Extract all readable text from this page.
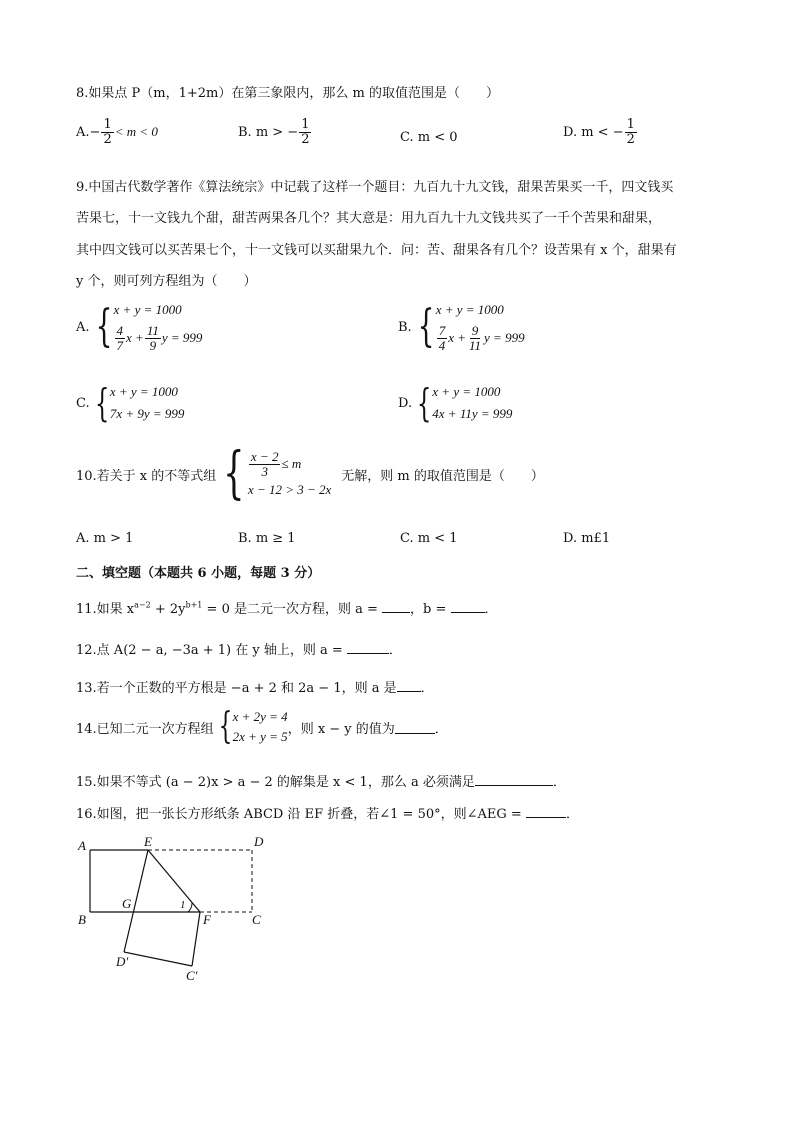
8.如果点 P（m，1+2m）在第三象限内，那么 m 的取值范围是（　　）
A. − $\frac{1}{2} < m < 0$	B. m > − $\frac{1}{2}$	C. m < 0	D. m < − $\frac{1}{2}$
9.中国古代数学著作《算法统宗》中记载了这样一个题目：九百九十九文钱，甜果苦果买一千，四文钱买
苦果七，十一文钱九个甜，甜苦两果各几个？其大意是：用九百九十九文钱共买了一千个苦果和甜果，
其中四文钱可以买苦果七个，十一文钱可以买甜果九个．问：苦、甜果各有几个？设苦果有 x 个，甜果有
y 个，则可列方程组为（　　）
A. { x + y = 1000
$\frac{4}{7}$ $x + \frac{11}{9}$ y = 999
B. { x + y = 1000
$\frac{7}{4}$ $x + \frac{9}{11}$ y = 999
C. { x + y = 1000
7x + 9y = 999
D. { x + y = 1000
4x + 11y = 999
10.若关于 x 的不等式组 { $\frac{x - 2}{3} \le m$
x − 12 > 3 − 2x
无解，则 m 的取值范围是（　　）
A. m > 1	B. m ≥ 1	C. m < 1	D. m£1
二、填空题（本题共 6 小题，每题 3 分）
11.如果 $x^{a-2} + 2y^{b+1} = 0$ 是二元一次方程，则 a = ，b =	．
12.点 A(2 − a, −3a + 1) 在 y 轴上，则 a =	．
13.若一个正数的平方根是 −a + 2 和 2a − 1，则 a 是 ．
14.已知二元一次方程组 { x + 2y = 4
2x + y = 5 ，则 x − y 的值为	．
15.如果不等式 (a − 2)x > a − 2 的解集是 x < 1，那么 a 必须满足	．
16.如图，把一张长方形纸条 ABCD 沿 EF 折叠，若∠1 = 50°，则∠AEG =	．
A	E	D
B
G
F	C
1
D′
C′
